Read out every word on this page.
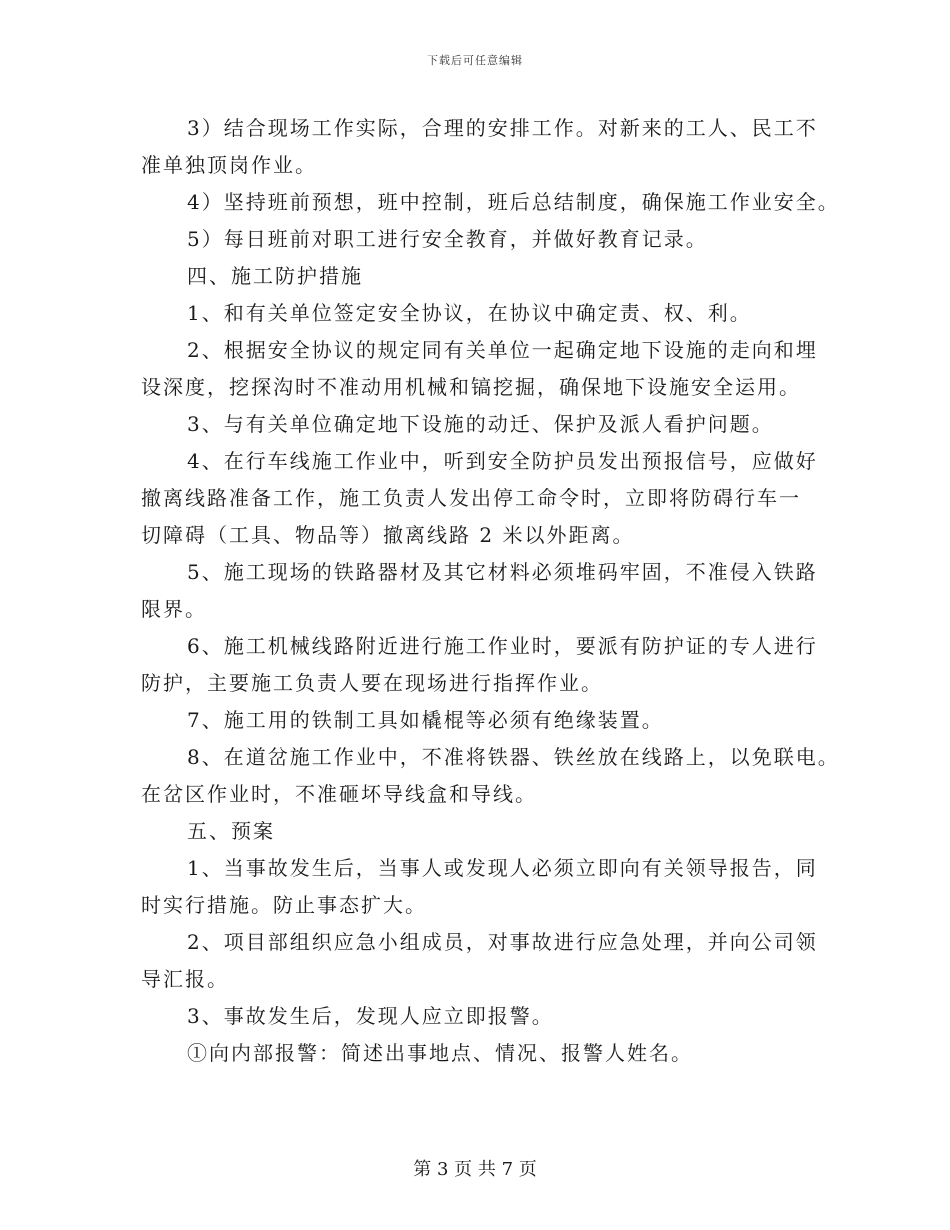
下载后可任意编辑
3）结合现场工作实际，合理的安排工作。对新来的工人、民工不
准单独顶岗作业。
4）坚持班前预想，班中控制，班后总结制度，确保施工作业安全。
5）每日班前对职工进行安全教育，并做好教育记录。
四、施工防护措施
1、和有关单位签定安全协议，在协议中确定责、权、利。
2、根据安全协议的规定同有关单位一起确定地下设施的走向和埋
设深度，挖探沟时不准动用机械和镐挖掘，确保地下设施安全运用。
3、与有关单位确定地下设施的动迁、保护及派人看护问题。
4、在行车线施工作业中，听到安全防护员发出预报信号，应做好
撤离线路准备工作，施工负责人发出停工命令时，立即将防碍行车一
切障碍（工具、物品等）撤离线路 2 米以外距离。
5、施工现场的铁路器材及其它材料必须堆码牢固，不准侵入铁路
限界。
6、施工机械线路附近进行施工作业时，要派有防护证的专人进行
防护，主要施工负责人要在现场进行指挥作业。
7、施工用的铁制工具如橇棍等必须有绝缘装置。
8、在道岔施工作业中，不准将铁器、铁丝放在线路上，以免联电。
在岔区作业时，不准砸坏导线盒和导线。
五、预案
1、当事故发生后，当事人或发现人必须立即向有关领导报告，同
时实行措施。防止事态扩大。
2、项目部组织应急小组成员，对事故进行应急处理，并向公司领
导汇报。
3、事故发生后，发现人应立即报警。
①向内部报警：简述出事地点、情况、报警人姓名。
第 3 页 共 7 页
